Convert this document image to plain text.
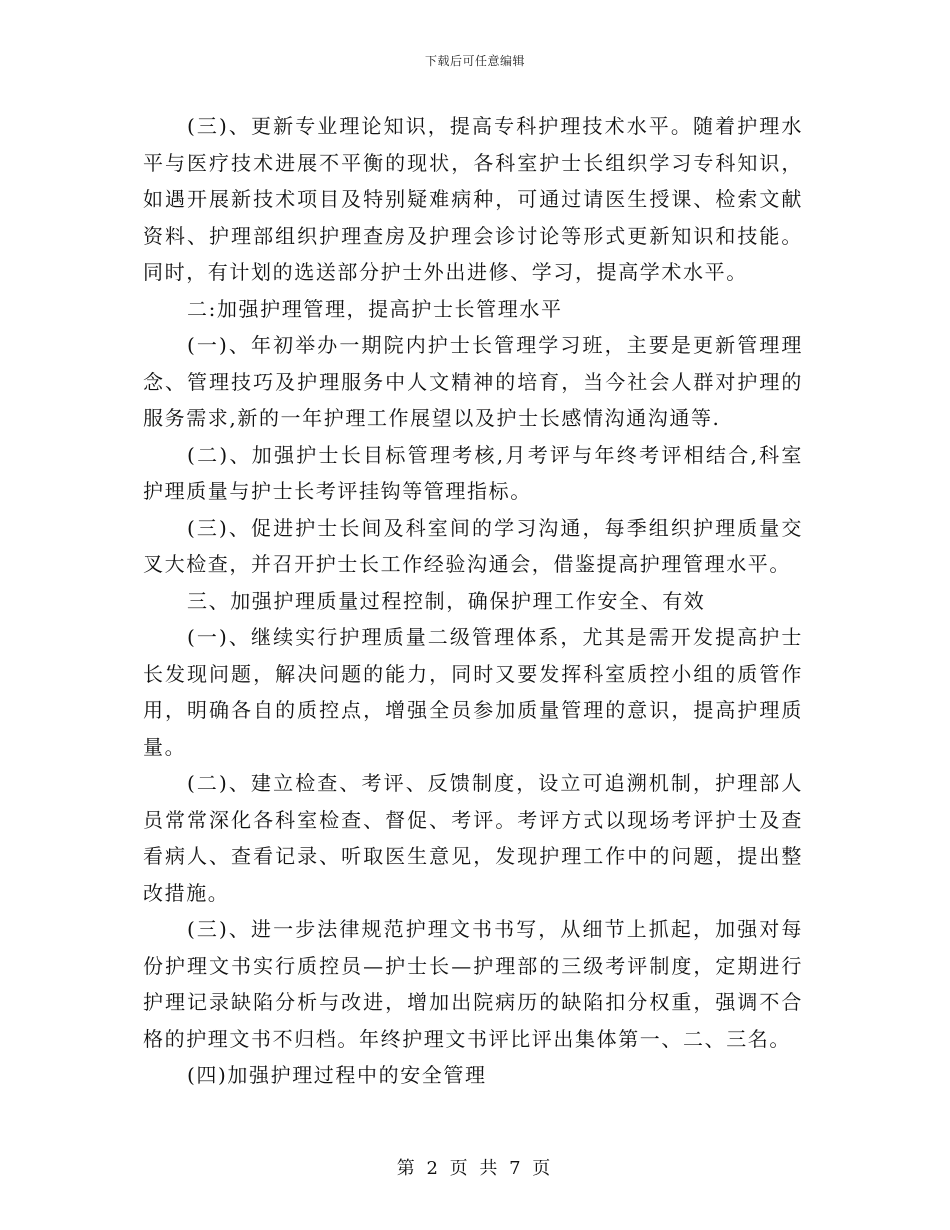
下载后可任意编辑

(三)、更新专业理论知识，提高专科护理技术水平。随着护理水平与医疗技术进展不平衡的现状，各科室护士长组织学习专科知识，如遇开展新技术项目及特别疑难病种，可通过请医生授课、检索文献资料、护理部组织护理查房及护理会诊讨论等形式更新知识和技能。同时，有计划的选送部分护士外出进修、学习，提高学术水平。

二:加强护理管理，提高护士长管理水平

(一)、年初举办一期院内护士长管理学习班，主要是更新管理理念、管理技巧及护理服务中人文精神的培育，当今社会人群对护理的服务需求,新的一年护理工作展望以及护士长感情沟通沟通等.

(二)、加强护士长目标管理考核,月考评与年终考评相结合,科室护理质量与护士长考评挂钩等管理指标。

(三)、促进护士长间及科室间的学习沟通，每季组织护理质量交叉大检查，并召开护士长工作经验沟通会，借鉴提高护理管理水平。

三、加强护理质量过程控制，确保护理工作安全、有效

(一)、继续实行护理质量二级管理体系，尤其是需开发提高护士长发现问题，解决问题的能力，同时又要发挥科室质控小组的质管作用，明确各自的质控点，增强全员参加质量管理的意识，提高护理质量。

(二)、建立检查、考评、反馈制度，设立可追溯机制，护理部人员常常深化各科室检查、督促、考评。考评方式以现场考评护士及查看病人、查看记录、听取医生意见，发现护理工作中的问题，提出整改措施。

(三)、进一步法律规范护理文书书写，从细节上抓起，加强对每份护理文书实行质控员—护士长—护理部的三级考评制度，定期进行护理记录缺陷分析与改进，增加出院病历的缺陷扣分权重，强调不合格的护理文书不归档。年终护理文书评比评出集体第一、二、三名。

(四)加强护理过程中的安全管理

第 2 页 共 7 页
